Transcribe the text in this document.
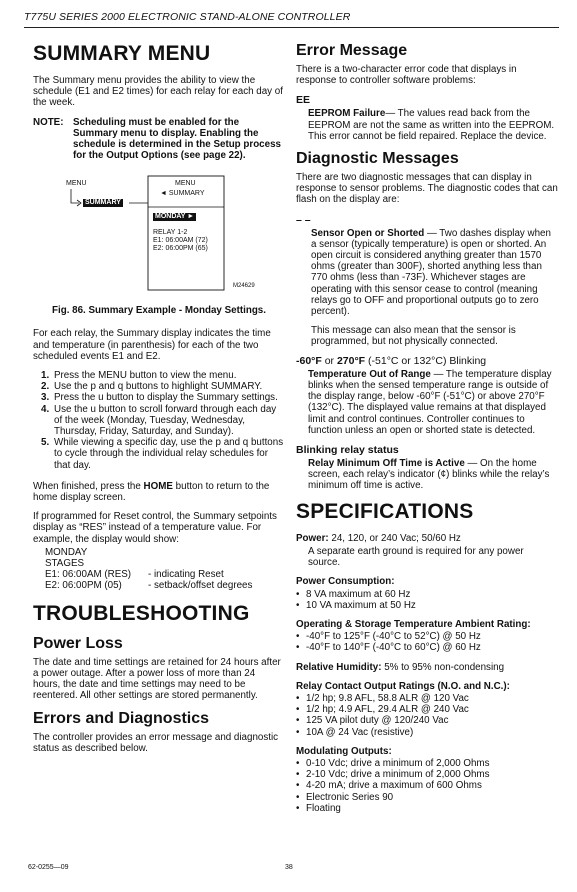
T775U SERIES 2000 ELECTRONIC STAND-ALONE CONTROLLER
SUMMARY MENU

The Summary menu provides the ability to view the schedule (E1 and E2 times) for each relay for each day of the week.

NOTE: Scheduling must be enabled for the Summary menu to display. Enabling the schedule is determined in the Setup process for the Output Options (see page 22).
MENU
SUMMARY
MENU
◄ SUMMARY
MONDAY ►
RELAY 1-2
E1: 06:00AM (72)
E2: 06:00PM (65)
M24629
Fig. 86. Summary Example - Monday Settings.

For each relay, the Summary display indicates the time and temperature (in parenthesis) for each of the two scheduled events E1 and E2.

1. Press the MENU button to view the menu.
2. Use the p and q buttons to highlight SUMMARY.
3. Press the u button to display the Summary settings.
4. Use the u button to scroll forward through each day of the week (Monday, Tuesday, Wednesday, Thursday, Friday, Saturday, and Sunday).
5. While viewing a specific day, use the p and q buttons to cycle through the individual relay schedules for that day.

When finished, press the HOME button to return to the home display screen.

If programmed for Reset control, the Summary setpoints display as “RES” instead of a temperature value. For example, the display would show:

MONDAY
STAGES
E1: 06:00AM (RES)	- indicating Reset
E2: 06:00PM (05)	- setback/offset degrees
TROUBLESHOOTING
Power Loss

The date and time settings are retained for 24 hours after a power outage. After a power loss of more than 24 hours, the date and time settings may need to be reentered. All other settings are stored permanently.

Errors and Diagnostics

The controller provides an error message and diagnostic status as described below.

Error Message

There is a two-character error code that displays in response to controller software problems:

EE

EEPROM Failure— The values read back from the EEPROM are not the same as written into the EEPROM. This error cannot be field repaired. Replace the device.

Diagnostic Messages

There are two diagnostic messages that can display in response to sensor problems. The diagnostic codes that can flash on the display are:

– –

Sensor Open or Shorted — Two dashes display when a sensor (typically temperature) is open or shorted. An open circuit is considered anything greater than 1570 ohms (greater than 300F), shorted anything less than 770 ohms (less than -73F). Whichever stages are operating with this sensor cease to control (meaning relays go to OFF and proportional outputs go to zero percent).

This message can also mean that the sensor is programmed, but not physically connected.

-60°F or 270°F (-51°C or 132°C) Blinking

Temperature Out of Range — The temperature display blinks when the sensed temperature range is outside of the display range, below -60°F (-51°C) or above 270°F (132°C). The displayed value remains at that displayed limit and control continues. Controller continues to function unless an open or shorted state is detected.

Blinking relay status

Relay Minimum Off Time is Active — On the home screen, each relay’s indicator (¢) blinks while the relay’s minimum off time is active.

SPECIFICATIONS

Power: 24, 120, or 240 Vac; 50/60 Hz

A separate earth ground is required for any power source.

Power Consumption:

• 8 VA maximum at 60 Hz
• 10 VA maximum at 50 Hz

Operating & Storage Temperature Ambient Rating:

• -40°F to 125°F (-40°C to 52°C) @ 50 Hz
• -40°F to 140°F (-40°C to 60°C) @ 60 Hz

Relative Humidity: 5% to 95% non-condensing

Relay Contact Output Ratings (N.O. and N.C.):

• 1/2 hp; 9.8 AFL, 58.8 ALR @ 120 Vac
• 1/2 hp; 4.9 AFL, 29.4 ALR @ 240 Vac
• 125 VA pilot duty @ 120/240 Vac
• 10A @ 24 Vac (resistive)

Modulating Outputs:

• 0-10 Vdc; drive a minimum of 2,000 Ohms
• 2-10 Vdc; drive a minimum of 2,000 Ohms
• 4-20 mA; drive a maximum of 600 Ohms
• Electronic Series 90
• Floating
62-0255—09	38
